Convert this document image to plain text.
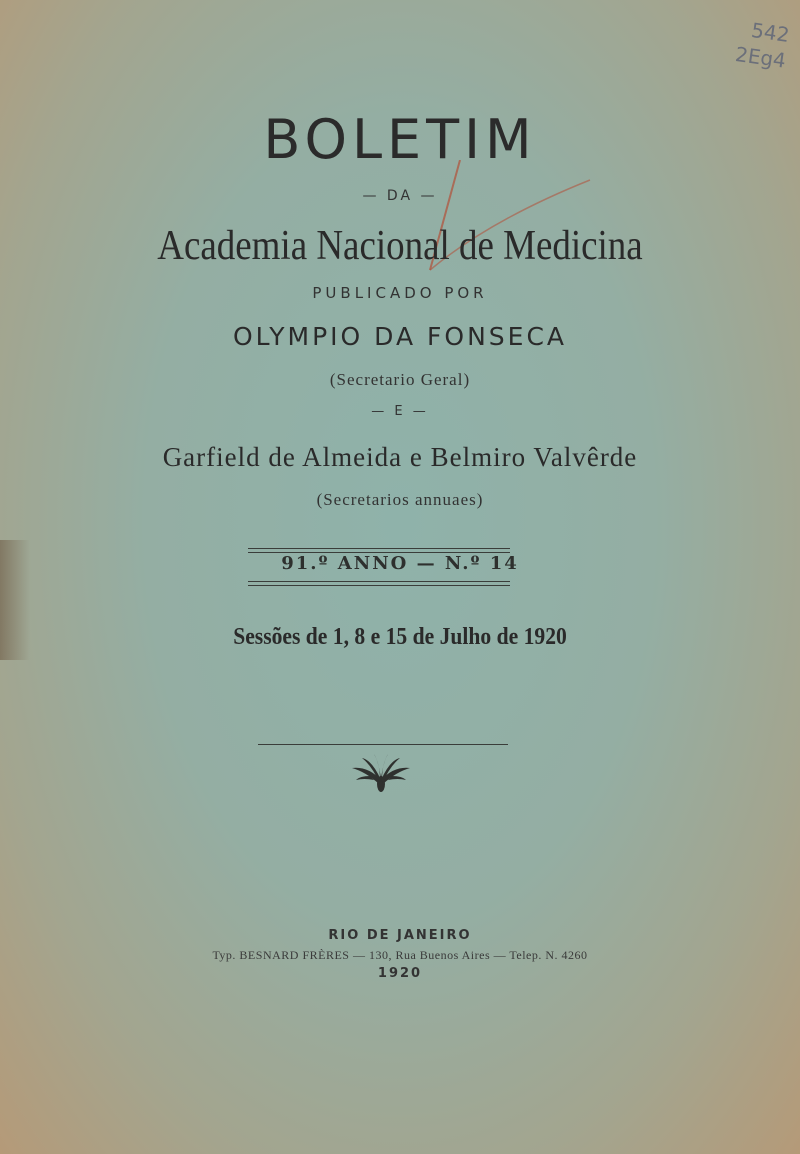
542
2Eg4
BOLETIM
— DA —
Academia Nacional de Medicina
PUBLICADO POR
OLYMPIO DA FONSECA
(Secretario Geral)
— E —
Garfield de Almeida e Belmiro Valvêrde
(Secretarios annuaes)
91.º ANNO — N.º 14
Sessões de 1, 8 e 15 de Julho de 1920
RIO DE JANEIRO
Typ. BESNARD FRÈRES — 130, Rua Buenos Aires — Telep. N. 4260
1920
